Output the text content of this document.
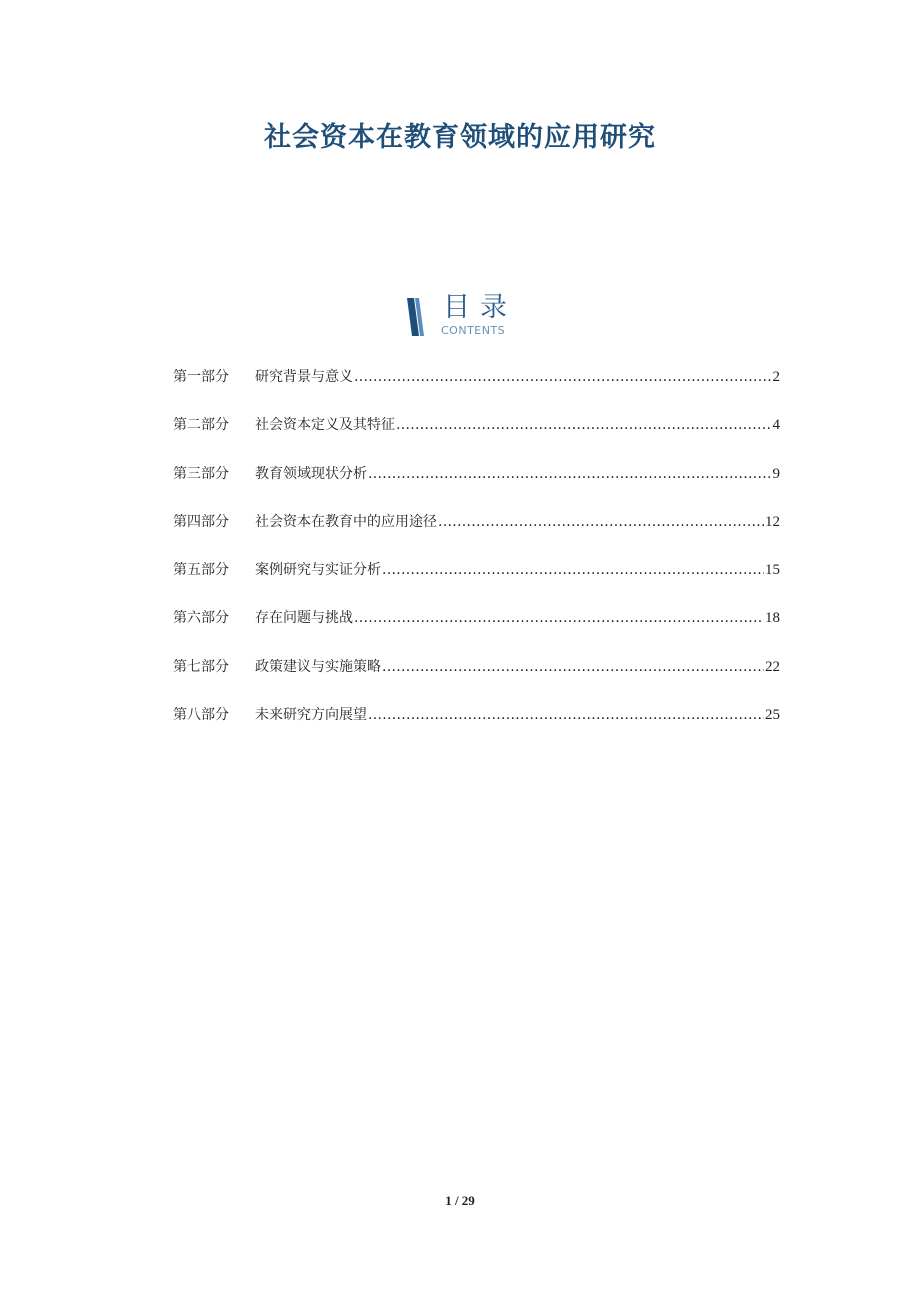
社会资本在教育领域的应用研究
目录
CONTENTS
第一部分	研究背景与意义 .....	2
第二部分	社会资本定义及其特征 .....	4
第三部分	教育领域现状分析 .....	9
第四部分	社会资本在教育中的应用途径 .....	12
第五部分	案例研究与实证分析 .....	15
第六部分	存在问题与挑战 .....	18
第七部分	政策建议与实施策略 .....	22
第八部分	未来研究方向展望 .....	25
1 / 29
